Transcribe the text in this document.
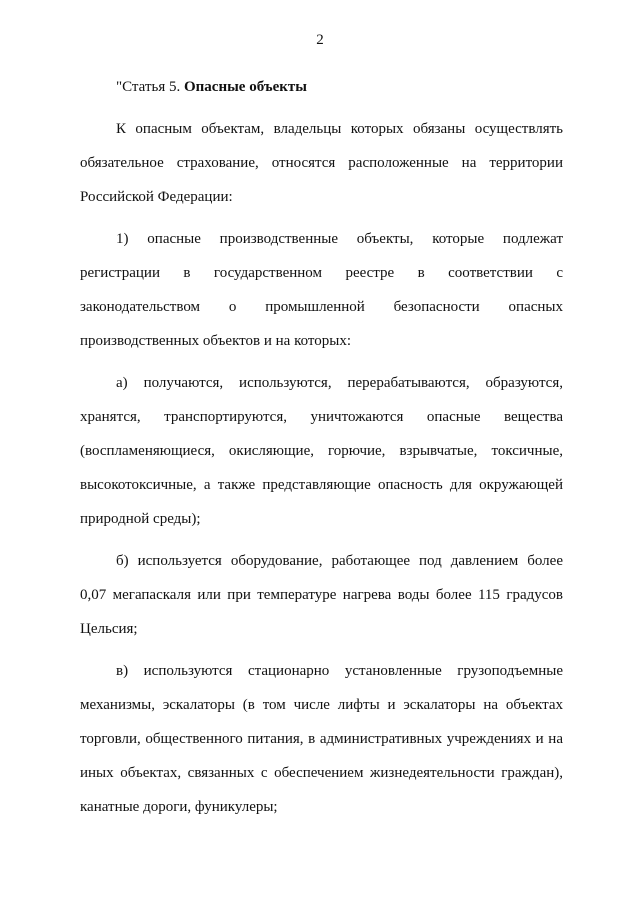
2
"Статья 5. Опасные объекты
К опасным объектам, владельцы которых обязаны осуществлять
обязательное страхование, относятся расположенные на территории
Российской Федерации:
1) опасные производственные объекты, которые подлежат
регистрации в государственном реестре в соответствии с
законодательством о промышленной безопасности опасных
производственных объектов и на которых:
а) получаются, используются, перерабатываются, образуются,
хранятся, транспортируются, уничтожаются опасные вещества
(воспламеняющиеся, окисляющие, горючие, взрывчатые, токсичные,
высокотоксичные, а также представляющие опасность для окружающей
природной среды);
б) используется оборудование, работающее под давлением более
0,07 мегапаскаля или при температуре нагрева воды более 115 градусов
Цельсия;
в) используются стационарно установленные грузоподъемные
механизмы, эскалаторы (в том числе лифты и эскалаторы на объектах
торговли, общественного питания, в административных учреждениях и на
иных объектах, связанных с обеспечением жизнедеятельности граждан),
канатные дороги, фуникулеры;
